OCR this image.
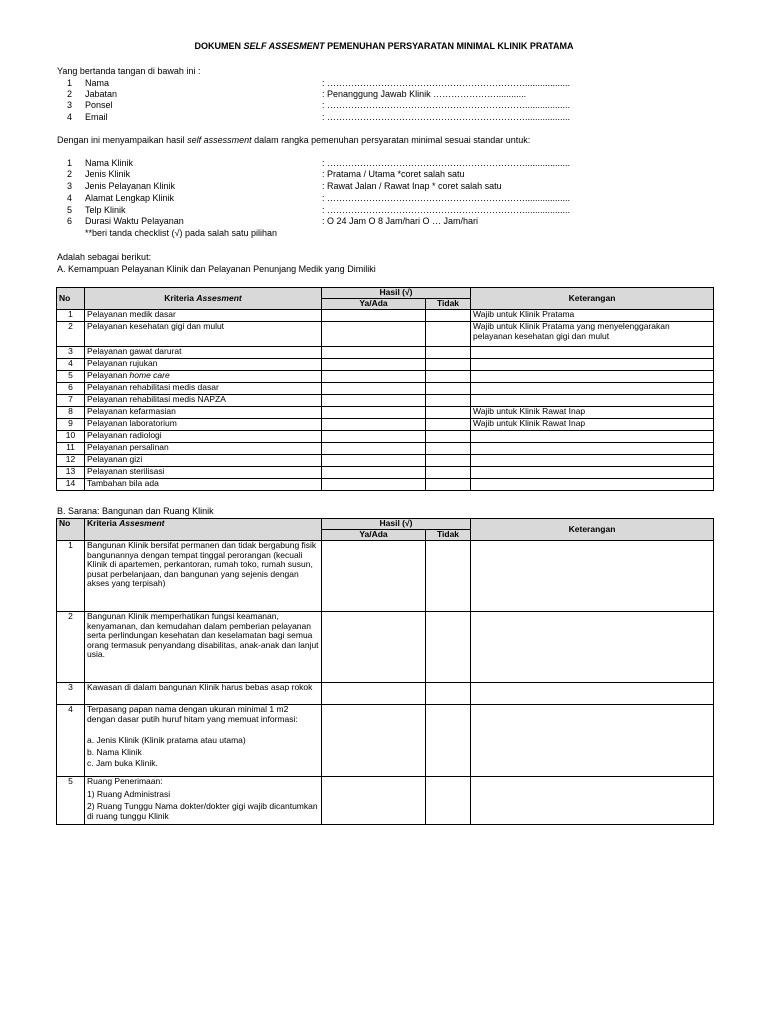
DOKUMEN SELF ASSESMENT PEMENUHAN PERSYARATAN MINIMAL KLINIK PRATAMA
Yang bertanda tangan di bawah ini :
1 Nama	: …………………………………………………………..................
2 Jabatan	: Penanggung Jawab Klinik …………………............
3 Ponsel	: …………………………………………………………..................
4 Email	: …………………………………………………………..................
Dengan ini menyampaikan hasil self assessment dalam rangka pemenuhan persyaratan minimal sesuai standar untuk:
1 Nama Klinik	: …………………………………………………………..................
2 Jenis Klinik	: Pratama / Utama *coret salah satu
3 Jenis Pelayanan Klinik	: Rawat Jalan / Rawat Inap * coret salah satu
4 Alamat Lengkap Klinik	: …………………………………………………………..................
5 Telp Klinik	: …………………………………………………………..................
6 Durasi Waktu Pelayanan	: O 24 Jam O 8 Jam/hari O … Jam/hari
**beri tanda checklist (√) pada salah satu pilihan
Adalah sebagai berikut:
A. Kemampuan Pelayanan Klinik dan Pelayanan Penunjang Medik yang Dimiliki
No	Kriteria Assesment	Hasil (√)		Keterangan
		Ya/Ada	Tidak	
1	Pelayanan medik dasar			Wajib untuk Klinik Pratama
2	Pelayanan kesehatan gigi dan mulut			Wajib untuk Klinik Pratama yang menyelenggarakan pelayanan kesehatan gigi dan mulut
3	Pelayanan gawat darurat			
4	Pelayanan rujukan			
5	Pelayanan home care			
6	Pelayanan rehabilitasi medis dasar			
7	Pelayanan rehabilitasi medis NAPZA			
8	Pelayanan kefarmasian			Wajib untuk Klinik Rawat Inap
9	Pelayanan laboratorium			Wajib untuk Klinik Rawat Inap
10	Pelayanan radiologi			
11	Pelayanan persalinan			
12	Pelayanan gizi			
13	Pelayanan sterilisasi			
14	Tambahan bila ada			
B. Sarana: Bangunan dan Ruang Klinik
No	Kriteria Assesment	Hasil (√)		Keterangan
		Ya/Ada	Tidak	
1	Bangunan Klinik bersifat permanen dan tidak bergabung fisik bangunannya dengan tempat tinggal perorangan (kecuali Klinik di apartemen, perkantoran, rumah toko, rumah susun, pusat perbelanjaan, dan bangunan yang sejenis dengan akses yang terpisah)			
2	Bangunan Klinik memperhatikan fungsi keamanan, kenyamanan, dan kemudahan dalam pemberian pelayanan serta perlindungan kesehatan dan keselamatan bagi semua orang termasuk penyandang disabilitas, anak-anak dan lanjut usia.			
3	Kawasan di dalam bangunan Klinik harus bebas asap rokok			
4	Terpasang papan nama dengan ukuran minimal 1 m2 dengan dasar putih huruf hitam yang memuat informasi:
a. Jenis Klinik (Klinik pratama atau utama)
b. Nama Klinik
c. Jam buka Klinik.			

5	Ruang Penerimaan:
1) Ruang Administrasi
2) Ruang Tunggu Nama dokter/dokter gigi wajib dicantumkan di ruang tunggu Klinik			
